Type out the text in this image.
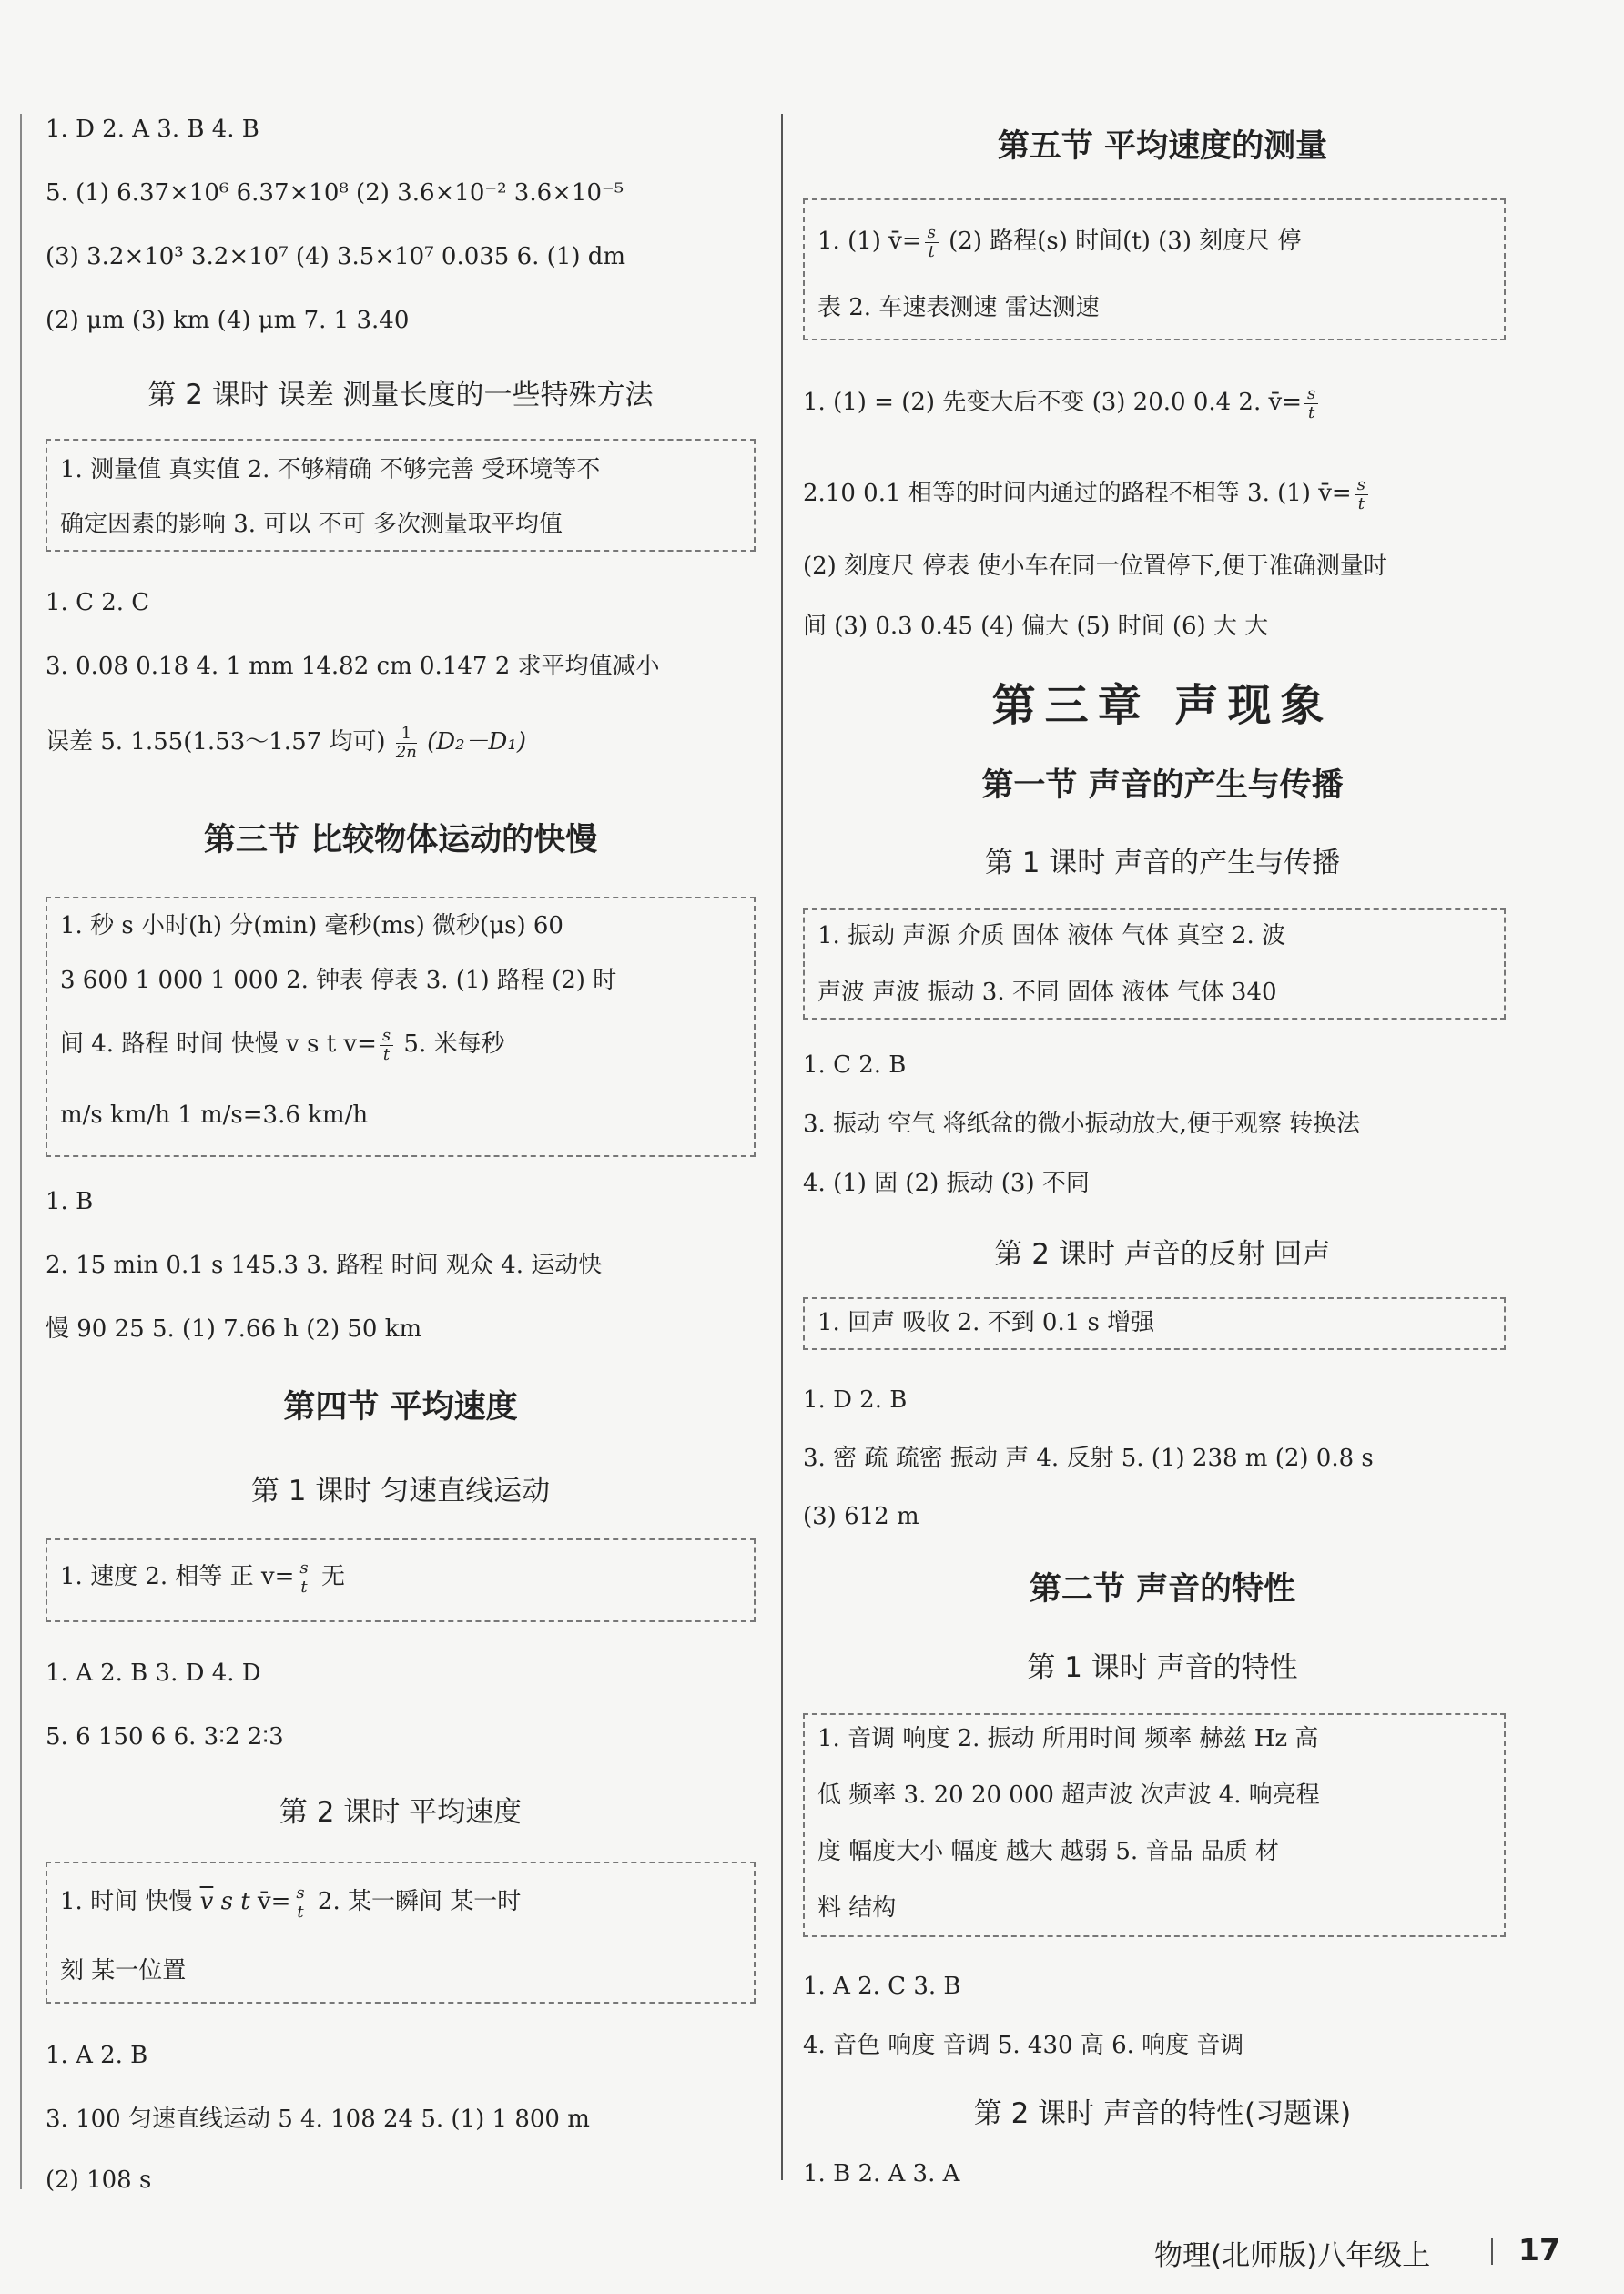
1. D 2. A 3. B 4. B
5. (1) 6.37×10⁶ 6.37×10⁸ (2) 3.6×10⁻² 3.6×10⁻⁵
(3) 3.2×10³ 3.2×10⁷ (4) 3.5×10⁷ 0.035 6. (1) dm
(2) μm (3) km (4) μm 7. 1 3.40
第 2 课时 误差 测量长度的一些特殊方法
1. 测量值 真实值 2. 不够精确 不够完善 受环境等不
确定因素的影响 3. 可以 不可 多次测量取平均值
1. C 2. C
3. 0.08 0.18 4. 1 mm 14.82 cm 0.147 2 求平均值减小
误差 5. 1.55(1.53～1.57 均可) $\frac{1}{2n} (D_2-D_1)$
第三节 比较物体运动的快慢
1. 秒 s 小时(h) 分(min) 毫秒(ms) 微秒(μs) 60
3 600 1 000 1 000 2. 钟表 停表 3. (1) 路程 (2) 时
间 4. 路程 时间 快慢 v s t $v= \frac{s}{t} 5$. 米每秒
m/s km/h 1 m/s=3.6 km/h
1. B
2. 15 min 0.1 s 145.3 3. 路程 时间 观众 4. 运动快
慢 90 25 5. (1) 7.66 h (2) 50 km
第四节 平均速度
第 1 课时 匀速直线运动
1. 速度 2. 相等 正 $v= \frac{s}{t}$ 无
1. A 2. B 3. D 4. D
5. 6 150 6 6. 3∶2 2∶3
第 2 课时 平均速度
1. 时间 快慢 $\overline{v}$ s t v̄= $\frac{s}{t} 2$. 某一瞬间 某一时
刻 某一位置
1. A 2. B
3. 100 匀速直线运动 5 4. 108 24 5. (1) 1 800 m
(2) 108 s
第五节 平均速度的测量
1. (1) v̄= $\frac{s}{t} (2)$ 路程(s) 时间(t) (3) 刻度尺 停
表 2. 车速表测速 雷达测速
1. (1) = (2) 先变大后不变 (3) 20.0 0.4 2. v̄= $\frac{s}{t}$
2.10 0.1 相等的时间内通过的路程不相等 3. (1) v̄= $\frac{s}{t}$
(2) 刻度尺 停表 使小车在同一位置停下,便于准确测量时
间 (3) 0.3 0.45 (4) 偏大 (5) 时间 (6) 大 大
第三章 声现象
第一节 声音的产生与传播
第 1 课时 声音的产生与传播
1. 振动 声源 介质 固体 液体 气体 真空 2. 波
声波 声波 振动 3. 不同 固体 液体 气体 340
1. C 2. B
3. 振动 空气 将纸盆的微小振动放大,便于观察 转换法
4. (1) 固 (2) 振动 (3) 不同
第 2 课时 声音的反射 回声
1. 回声 吸收 2. 不到 0.1 s 增强
1. D 2. B
3. 密 疏 疏密 振动 声 4. 反射 5. (1) 238 m (2) 0.8 s
(3) 612 m
第二节 声音的特性
第 1 课时 声音的特性
1. 音调 响度 2. 振动 所用时间 频率 赫兹 Hz 高
低 频率 3. 20 20 000 超声波 次声波 4. 响亮程
度 幅度大小 幅度 越大 越弱 5. 音品 品质 材
料 结构
1. A 2. C 3. B
4. 音色 响度 音调 5. 430 高 6. 响度 音调
第 2 课时 声音的特性(习题课)
1. B 2. A 3. A
物理(北师版)八年级上	17
